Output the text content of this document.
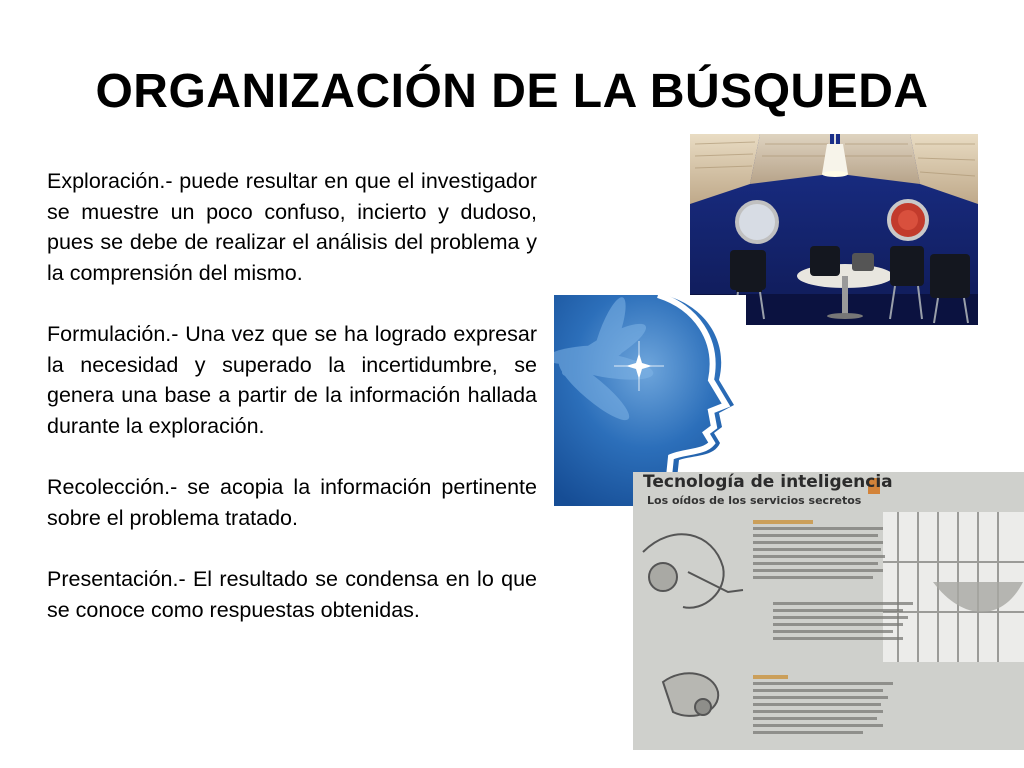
ORGANIZACIÓN DE LA BÚSQUEDA

Exploración.- puede resultar en que el investigador se muestre un poco confuso, incierto y dudoso, pues se debe de realizar el análisis del problema y la comprensión del mismo.

Formulación.- Una vez que se ha logrado expresar la necesidad y superado la incertidumbre, se genera una base a partir de la información hallada durante la exploración.

Recolección.- se acopia la información pertinente sobre el problema tratado.

Presentación.- El resultado se condensa en lo que se conoce como respuestas obtenidas.

Tecnología de inteligencia
Los oídos de los servicios secretos
